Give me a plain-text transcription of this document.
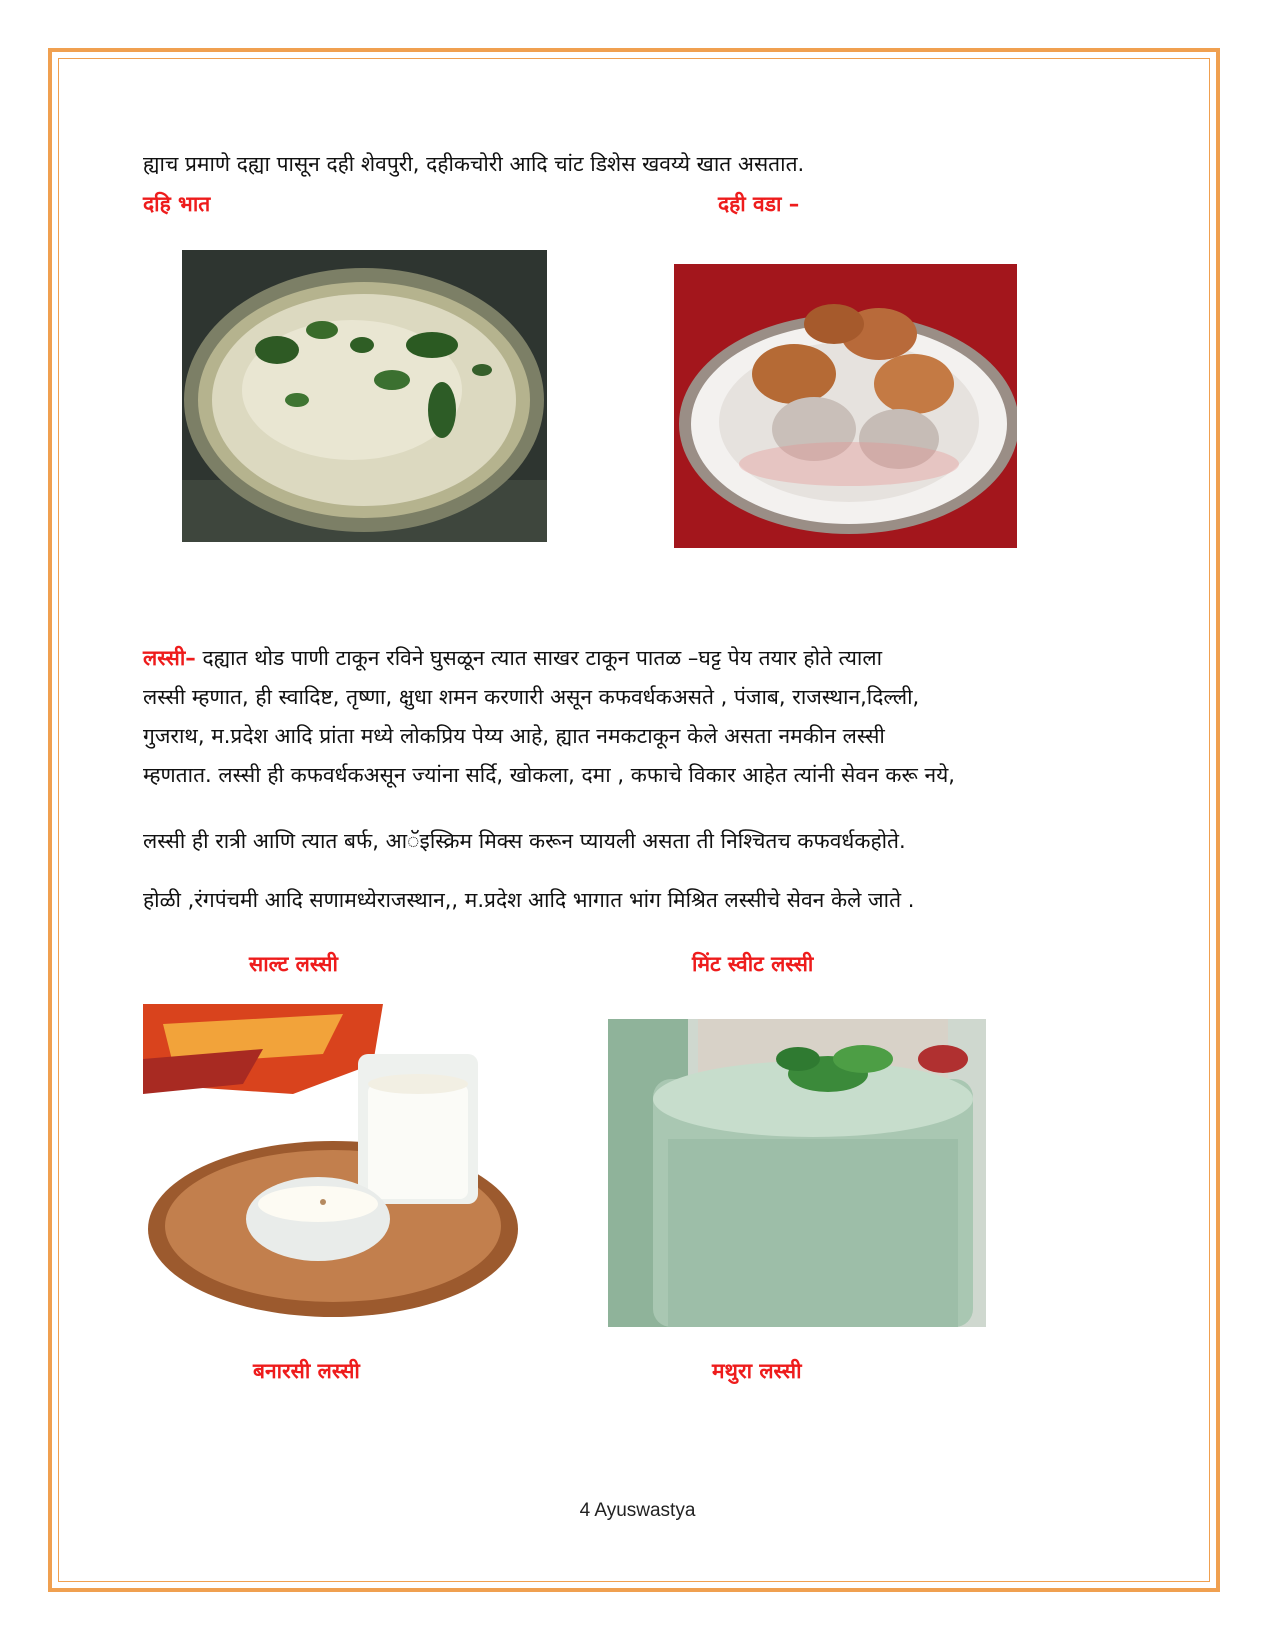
ह्याच प्रमाणे दह्या पासून दही शेवपुरी, दहीकचोरी आदि चांट डिशेस खवय्ये खात असतात.
दहि भात	दही वडा –
लस्सी– दह्यात थोड पाणी टाकून रविने घुसळून त्यात साखर टाकून पातळ –घट्ट पेय तयार होते त्याला
लस्सी म्हणात, ही स्वादिष्ट, तृष्णा, क्षुधा शमन करणारी असून कफवर्धकअसते , पंजाब, राजस्थान,दिल्ली,
गुजराथ, म.प्रदेश आदि प्रांता मध्ये लोकप्रिय पेय्य आहे, ह्यात नमकटाकून केले असता नमकीन लस्सी
म्हणतात. लस्सी ही कफवर्धकअसून ज्यांना सर्दि, खोकला, दमा , कफाचे विकार आहेत त्यांनी सेवन करू नये,
लस्सी ही रात्री आणि त्यात बर्फ, आॅइस्क्रिम मिक्स करून प्यायली असता ती निश्चितच कफवर्धकहोते.
होळी ,रंगपंचमी आदि सणामध्येराजस्थान,, म.प्रदेश आदि भागात भांग मिश्रित लस्सीचे सेवन केले जाते .
साल्ट लस्सी	मिंट स्वीट लस्सी
बनारसी लस्सी	मथुरा लस्सी
4 Ayuswastya
